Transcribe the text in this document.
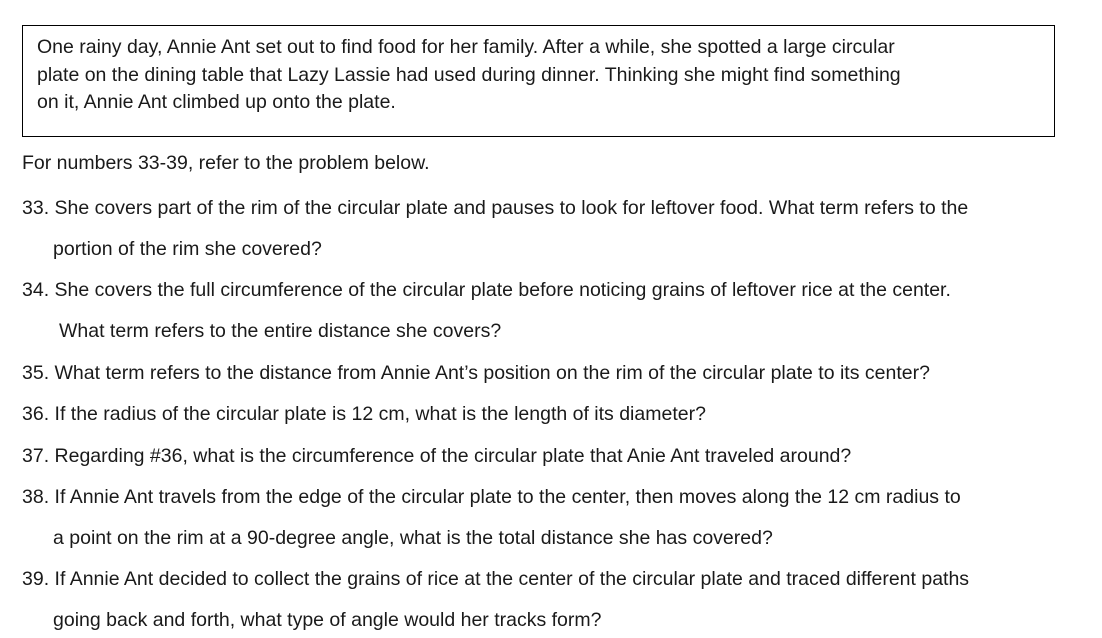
One rainy day, Annie Ant set out to find food for her family. After a while, she spotted a large circular
plate on the dining table that Lazy Lassie had used during dinner. Thinking she might find something
on it, Annie Ant climbed up onto the plate.
For numbers 33-39, refer to the problem below.
33. She covers part of the rim of the circular plate and pauses to look for leftover food. What term refers to the
portion of the rim she covered?
34. She covers the full circumference of the circular plate before noticing grains of leftover rice at the center.
What term refers to the entire distance she covers?
35. What term refers to the distance from Annie Ant’s position on the rim of the circular plate to its center?
36. If the radius of the circular plate is 12 cm, what is the length of its diameter?
37. Regarding #36, what is the circumference of the circular plate that Anie Ant traveled around?
38. If Annie Ant travels from the edge of the circular plate to the center, then moves along the 12 cm radius to
a point on the rim at a 90-degree angle, what is the total distance she has covered?
39. If Annie Ant decided to collect the grains of rice at the center of the circular plate and traced different paths
going back and forth, what type of angle would her tracks form?
